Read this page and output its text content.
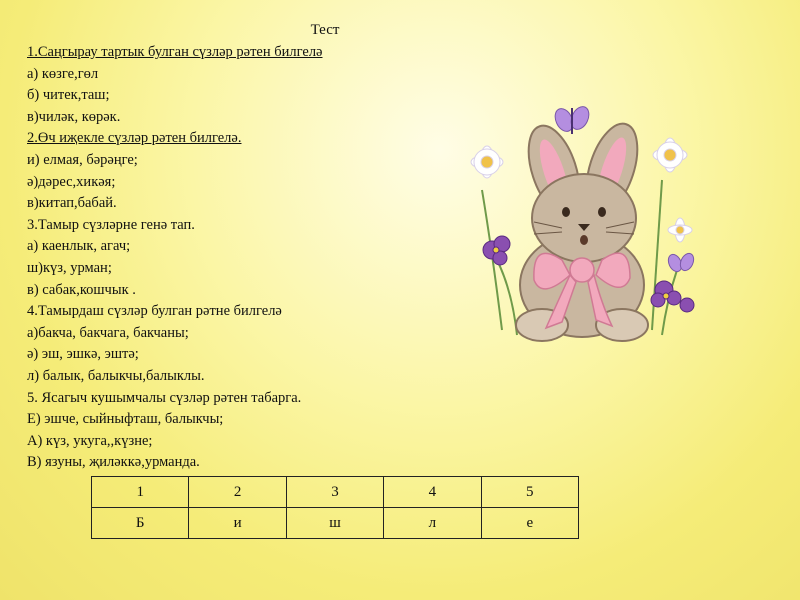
Тест
1.Саңгырау тартык булган сүзләр рәтен билгелә
а) көзге,гөл
б) читек,таш;
в)чиләк, көрәк.
2.Өч иҗекле сүзләр рәтен билгелә.
и) елмая, бәрәңге;
ә)дәрес,хикәя;
в)китап,бабай.
3.Тамыр сүзләрне генә тап.
а) каенлык, агач;
ш)күз, урман;
в) сабак,кошчык .
4.Тамырдаш сүзләр булган рәтне билгелә
а)бакча, бакчага, бакчаны;
ә) эш, эшкә, эштә;
л) балык, балыкчы,балыклы.
5. Ясагыч кушымчалы сүзләр рәтен табарга.
Е) эшче, сыйныфташ, балыкчы;
А) күз, укуга,,күзне;
В) язуны, җиләккә,урманда.
1	2	3	4	5
Б	и	ш	л	е
